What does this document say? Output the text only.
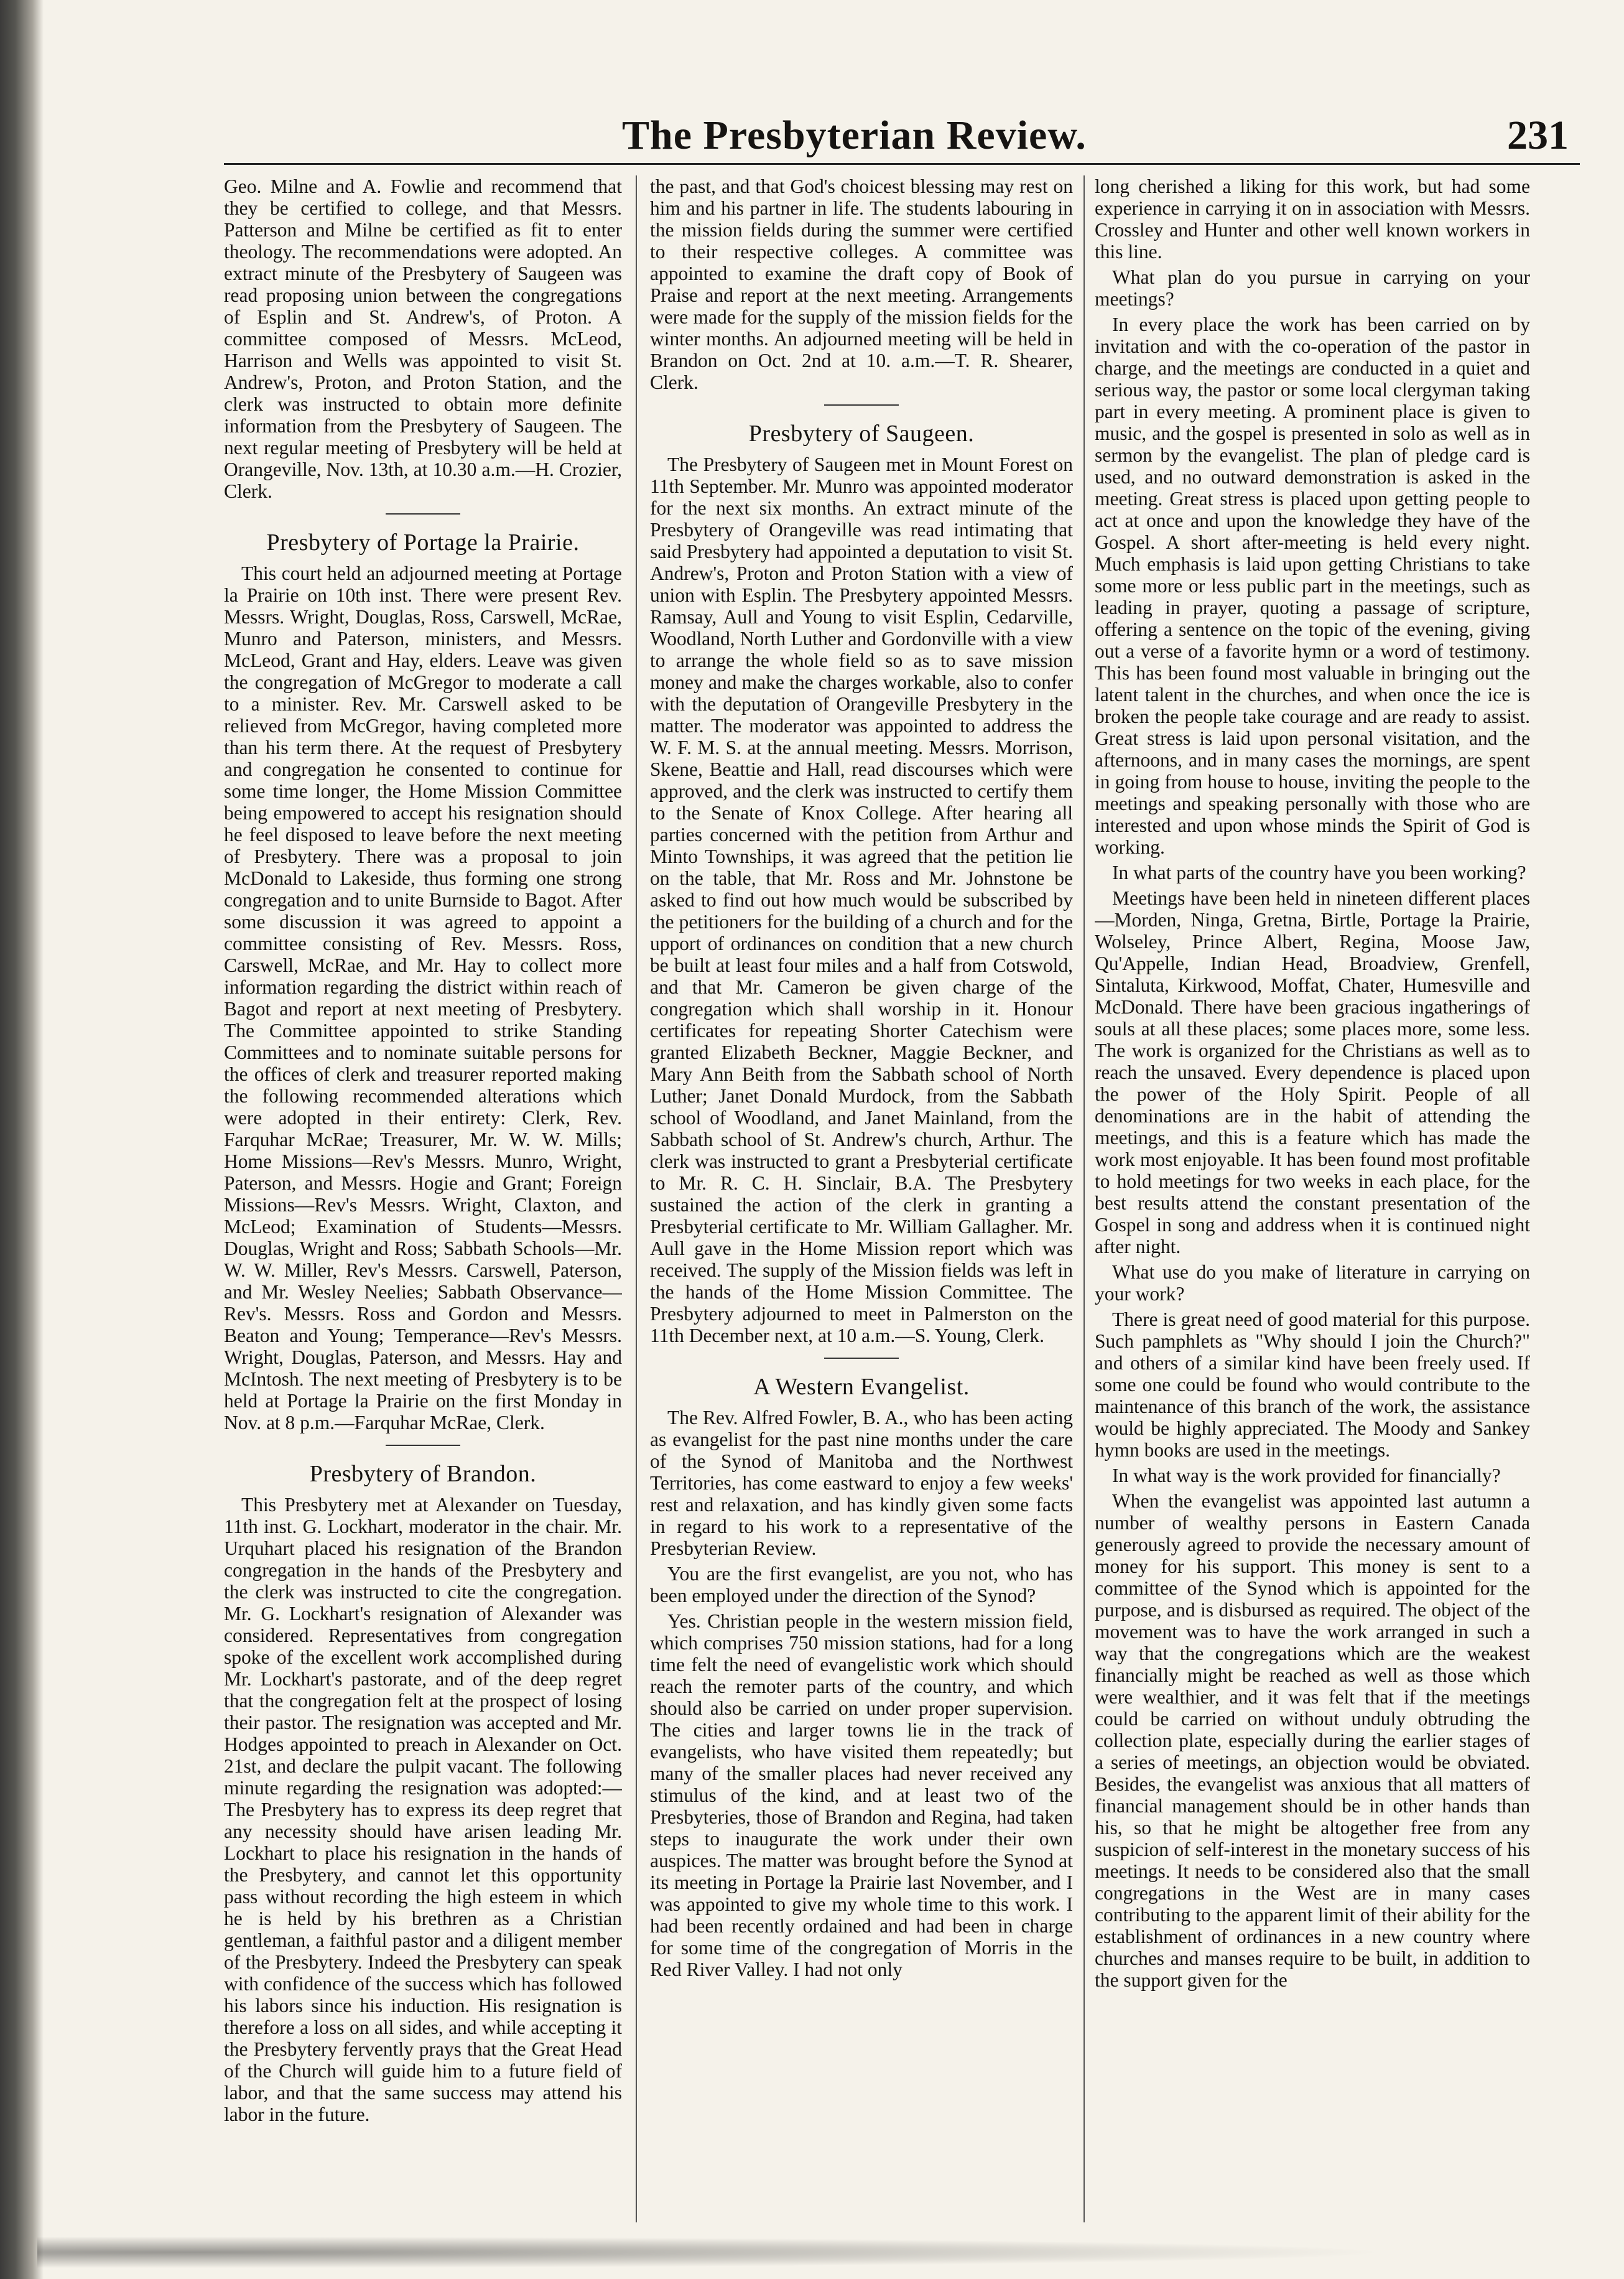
The Presbyterian Review.	231

Geo. Milne and A. Fowlie and recommend that they be certified to college, and that Messrs. Patterson and Milne be certified as fit to enter theology. The recommendations were adopted. An extract minute of the Presbytery of Saugeen was read proposing union between the congregations of Esplin and St. Andrew's, of Proton. A committee composed of Messrs. McLeod, Harrison and Wells was appointed to visit St. Andrew's, Proton, and Proton Station, and the clerk was instructed to obtain more definite information from the Presbytery of Saugeen. The next regular meeting of Presbytery will be held at Orangeville, Nov. 13th, at 10.30 a.m.—H. Crozier, Clerk.

Presbytery of Portage la Prairie.

This court held an adjourned meeting at Portage la Prairie on 10th inst. There were present Rev. Messrs. Wright, Douglas, Ross, Carswell, McRae, Munro and Paterson, ministers, and Messrs. McLeod, Grant and Hay, elders. Leave was given the congregation of McGregor to moderate a call to a minister. Rev. Mr. Carswell asked to be relieved from McGregor, having completed more than his term there. At the request of Presbytery and congregation he consented to continue for some time longer, the Home Mission Committee being empowered to accept his resignation should he feel disposed to leave before the next meeting of Presbytery. There was a proposal to join McDonald to Lakeside, thus forming one strong congregation and to unite Burnside to Bagot. After some discussion it was agreed to appoint a committee consisting of Rev. Messrs. Ross, Carswell, McRae, and Mr. Hay to collect more information regarding the district within reach of Bagot and report at next meeting of Presbytery. The Committee appointed to strike Standing Committees and to nominate suitable persons for the offices of clerk and treasurer reported making the following recommended alterations which were adopted in their entirety: Clerk, Rev. Farquhar McRae; Treasurer, Mr. W. W. Mills; Home Missions—Rev's Messrs. Munro, Wright, Paterson, and Messrs. Hogie and Grant; Foreign Missions—Rev's Messrs. Wright, Claxton, and McLeod; Examination of Students—Messrs. Douglas, Wright and Ross; Sabbath Schools—Mr. W. W. Miller, Rev's Messrs. Carswell, Paterson, and Mr. Wesley Neelies; Sabbath Observance—Rev's. Messrs. Ross and Gordon and Messrs. Beaton and Young; Temperance—Rev's Messrs. Wright, Douglas, Paterson, and Messrs. Hay and McIntosh. The next meeting of Presbytery is to be held at Portage la Prairie on the first Monday in Nov. at 8 p.m.—Farquhar McRae, Clerk.

Presbytery of Brandon.

This Presbytery met at Alexander on Tuesday, 11th inst. G. Lockhart, moderator in the chair. Mr. Urquhart placed his resignation of the Brandon congregation in the hands of the Presbytery and the clerk was instructed to cite the congregation. Mr. G. Lockhart's resignation of Alexander was considered. Representatives from congregation spoke of the excellent work accomplished during Mr. Lockhart's pastorate, and of the deep regret that the congregation felt at the prospect of losing their pastor. The resignation was accepted and Mr. Hodges appointed to preach in Alexander on Oct. 21st, and declare the pulpit vacant. The following minute regarding the resignation was adopted:—The Presbytery has to express its deep regret that any necessity should have arisen leading Mr. Lockhart to place his resignation in the hands of the Presbytery, and cannot let this opportunity pass without recording the high esteem in which he is held by his brethren as a Christian gentleman, a faithful pastor and a diligent member of the Presbytery. Indeed the Presbytery can speak with confidence of the success which has followed his labors since his induction. His resignation is therefore a loss on all sides, and while accepting it the Presbytery fervently prays that the Great Head of the Church will guide him to a future field of labor, and that the same success may attend his labor in the future.

the past, and that God's choicest blessing may rest on him and his partner in life. The students labouring in the mission fields during the summer were certified to their respective colleges. A committee was appointed to examine the draft copy of Book of Praise and report at the next meeting. Arrangements were made for the supply of the mission fields for the winter months. An adjourned meeting will be held in Brandon on Oct. 2nd at 10. a.m.—T. R. Shearer, Clerk.

Presbytery of Saugeen.

The Presbytery of Saugeen met in Mount Forest on 11th September. Mr. Munro was appointed moderator for the next six months. An extract minute of the Presbytery of Orangeville was read intimating that said Presbytery had appointed a deputation to visit St. Andrew's, Proton and Proton Station with a view of union with Esplin. The Presbytery appointed Messrs. Ramsay, Aull and Young to visit Esplin, Cedarville, Woodland, North Luther and Gordonville with a view to arrange the whole field so as to save mission money and make the charges workable, also to confer with the deputation of Orangeville Presbytery in the matter. The moderator was appointed to address the W. F. M. S. at the annual meeting. Messrs. Morrison, Skene, Beattie and Hall, read discourses which were approved, and the clerk was instructed to certify them to the Senate of Knox College. After hearing all parties concerned with the petition from Arthur and Minto Townships, it was agreed that the petition lie on the table, that Mr. Ross and Mr. Johnstone be asked to find out how much would be subscribed by the petitioners for the building of a church and for the upport of ordinances on condition that a new church be built at least four miles and a half from Cotswold, and that Mr. Cameron be given charge of the congregation which shall worship in it. Honour certificates for repeating Shorter Catechism were granted Elizabeth Beckner, Maggie Beckner, and Mary Ann Beith from the Sabbath school of North Luther; Janet Donald Murdock, from the Sabbath school of Woodland, and Janet Mainland, from the Sabbath school of St. Andrew's church, Arthur. The clerk was instructed to grant a Presbyterial certificate to Mr. R. C. H. Sinclair, B.A. The Presbytery sustained the action of the clerk in granting a Presbyterial certificate to Mr. William Gallagher. Mr. Aull gave in the Home Mission report which was received. The supply of the Mission fields was left in the hands of the Home Mission Committee. The Presbytery adjourned to meet in Palmerston on the 11th December next, at 10 a.m.—S. Young, Clerk.

A Western Evangelist.

The Rev. Alfred Fowler, B. A., who has been acting as evangelist for the past nine months under the care of the Synod of Manitoba and the Northwest Territories, has come eastward to enjoy a few weeks' rest and relaxation, and has kindly given some facts in regard to his work to a representative of the Presbyterian Review.

You are the first evangelist, are you not, who has been employed under the direction of the Synod?

Yes. Christian people in the western mission field, which comprises 750 mission stations, had for a long time felt the need of evangelistic work which should reach the remoter parts of the country, and which should also be carried on under proper supervision. The cities and larger towns lie in the track of evangelists, who have visited them repeatedly; but many of the smaller places had never received any stimulus of the kind, and at least two of the Presbyteries, those of Brandon and Regina, had taken steps to inaugurate the work under their own auspices. The matter was brought before the Synod at its meeting in Portage la Prairie last November, and I was appointed to give my whole time to this work. I had been recently ordained and had been in charge for some time of the congregation of Morris in the Red River Valley. I had not only

long cherished a liking for this work, but had some experience in carrying it on in association with Messrs. Crossley and Hunter and other well known workers in this line.

What plan do you pursue in carrying on your meetings?

In every place the work has been carried on by invitation and with the co-operation of the pastor in charge, and the meetings are conducted in a quiet and serious way, the pastor or some local clergyman taking part in every meeting. A prominent place is given to music, and the gospel is presented in solo as well as in sermon by the evangelist. The plan of pledge card is used, and no outward demonstration is asked in the meeting. Great stress is placed upon getting people to act at once and upon the knowledge they have of the Gospel. A short after-meeting is held every night. Much emphasis is laid upon getting Christians to take some more or less public part in the meetings, such as leading in prayer, quoting a passage of scripture, offering a sentence on the topic of the evening, giving out a verse of a favorite hymn or a word of testimony. This has been found most valuable in bringing out the latent talent in the churches, and when once the ice is broken the people take courage and are ready to assist. Great stress is laid upon personal visitation, and the afternoons, and in many cases the mornings, are spent in going from house to house, inviting the people to the meetings and speaking personally with those who are interested and upon whose minds the Spirit of God is working.

In what parts of the country have you been working?

Meetings have been held in nineteen different places—Morden, Ninga, Gretna, Birtle, Portage la Prairie, Wolseley, Prince Albert, Regina, Moose Jaw, Qu'Appelle, Indian Head, Broadview, Grenfell, Sintaluta, Kirkwood, Moffat, Chater, Humesville and McDonald. There have been gracious ingatherings of souls at all these places; some places more, some less. The work is organized for the Christians as well as to reach the unsaved. Every dependence is placed upon the power of the Holy Spirit. People of all denominations are in the habit of attending the meetings, and this is a feature which has made the work most enjoyable. It has been found most profitable to hold meetings for two weeks in each place, for the best results attend the constant presentation of the Gospel in song and address when it is continued night after night.

What use do you make of literature in carrying on your work?

There is great need of good material for this purpose. Such pamphlets as "Why should I join the Church?" and others of a similar kind have been freely used. If some one could be found who would contribute to the maintenance of this branch of the work, the assistance would be highly appreciated. The Moody and Sankey hymn books are used in the meetings.

In what way is the work provided for financially?

When the evangelist was appointed last autumn a number of wealthy persons in Eastern Canada generously agreed to provide the necessary amount of money for his support. This money is sent to a committee of the Synod which is appointed for the purpose, and is disbursed as required. The object of the movement was to have the work arranged in such a way that the congregations which are the weakest financially might be reached as well as those which were wealthier, and it was felt that if the meetings could be carried on without unduly obtruding the collection plate, especially during the earlier stages of a series of meetings, an objection would be obviated. Besides, the evangelist was anxious that all matters of financial management should be in other hands than his, so that he might be altogether free from any suspicion of self-interest in the monetary success of his meetings. It needs to be considered also that the small congregations in the West are in many cases contributing to the apparent limit of their ability for the establishment of ordinances in a new country where churches and manses require to be built, in addition to the support given for the
